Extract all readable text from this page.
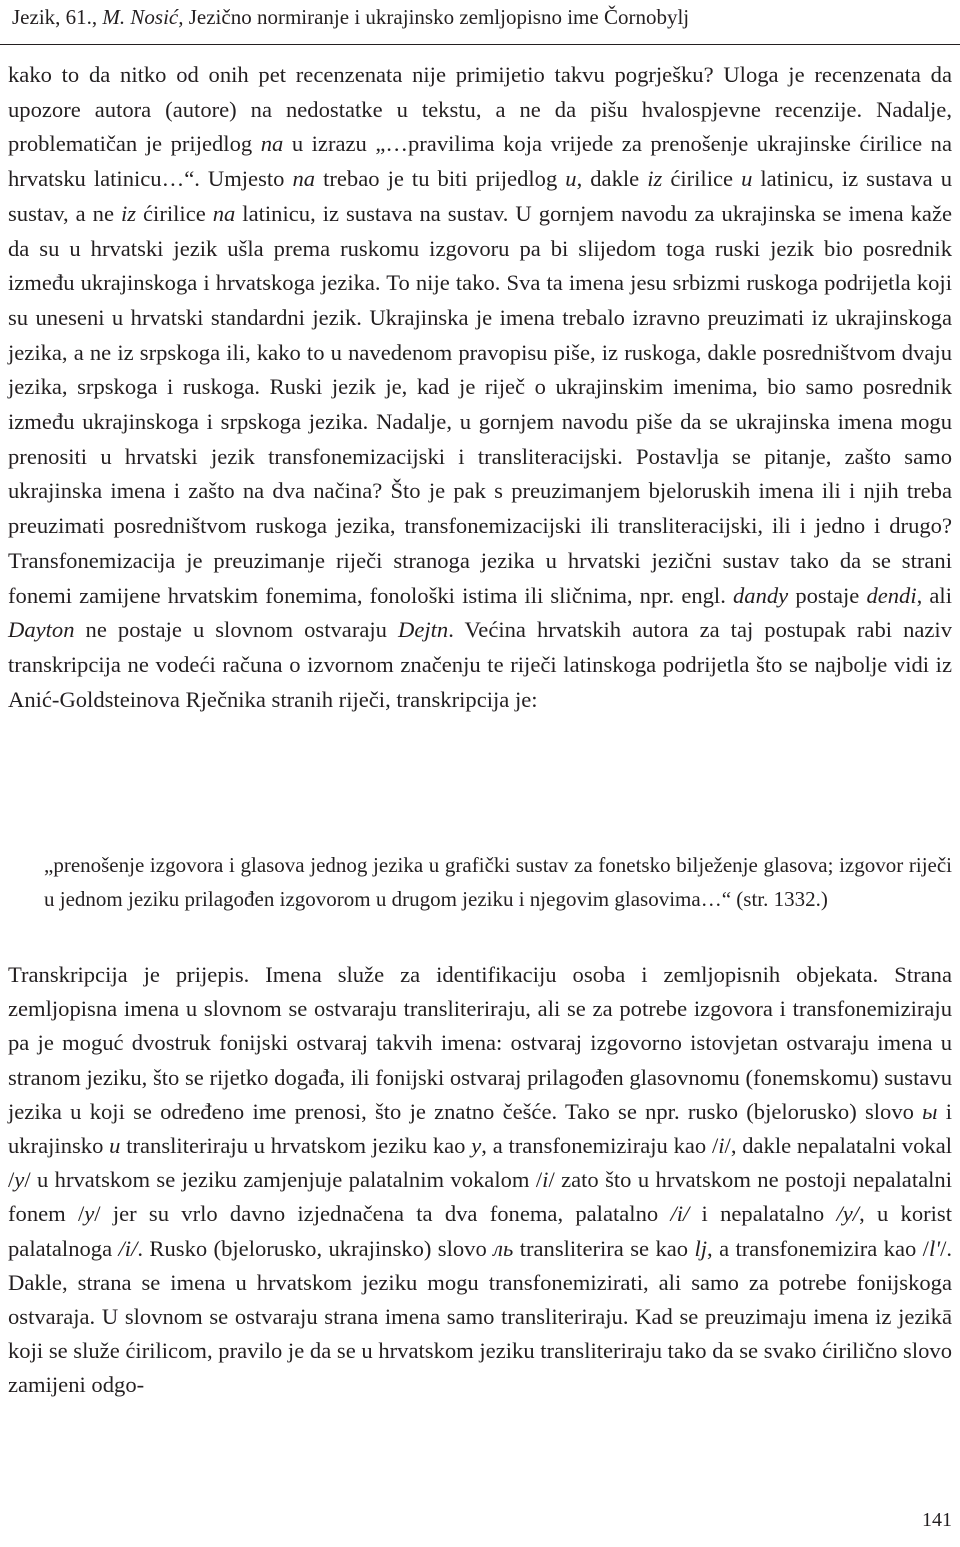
Jezik, 61., M. Nosić, Jezično normiranje i ukrajinsko zemljopisno ime Čornobylj

kako to da nitko od onih pet recenzenata nije primijetio takvu pogrješku? Uloga je recenzenata da upozore autora (autore) na nedostatke u tekstu, a ne da pišu hvalospjevne recenzije. Nadalje, problematičan je prijedlog na u izrazu „…pravilima koja vrijede za prenošenje ukrajinske ćirilice na hrvatsku latinicu…“. Umjesto na trebao je tu biti prijedlog u, dakle iz ćirilice u latinicu, iz sustava u sustav, a ne iz ćirilice na latinicu, iz sustava na sustav. U gornjem navodu za ukrajinska se imena kaže da su u hrvatski jezik ušla prema ruskomu izgovoru pa bi slijedom toga ruski jezik bio posrednik između ukrajinskoga i hrvatskoga jezika. To nije tako. Sva ta imena jesu srbizmi ruskoga podrijetla koji su uneseni u hrvatski standardni jezik. Ukrajinska je imena trebalo izravno preuzimati iz ukrajinskoga jezika, a ne iz srpskoga ili, kako to u navedenom pravopisu piše, iz ruskoga, dakle posredništvom dvaju jezika, srpskoga i ruskoga. Ruski jezik je, kad je riječ o ukrajinskim imenima, bio samo posrednik između ukrajinskoga i srpskoga jezika. Nadalje, u gornjem navodu piše da se ukrajinska imena mogu prenositi u hrvatski jezik transfonemizacijski i transliteracijski. Postavlja se pitanje, zašto samo ukrajinska imena i zašto na dva načina? Što je pak s preuzimanjem bjeloruskih imena ili i njih treba preuzimati posredništvom ruskoga jezika, transfonemizacijski ili transliteracijski, ili i jedno i drugo? Transfonemizacija je preuzimanje riječi stranoga jezika u hrvatski jezični sustav tako da se strani fonemi zamijene hrvatskim fonemima, fonološki istima ili sličnima, npr. engl. dandy postaje dendi, ali Dayton ne postaje u slovnom ostvaraju Dejtn. Većina hrvatskih autora za taj postupak rabi naziv transkripcija ne vodeći računa o izvornom značenju te riječi latinskoga podrijetla što se najbolje vidi iz Anić-Goldsteinova Rječnika stranih riječi, transkripcija je:

„prenošenje izgovora i glasova jednog jezika u grafički sustav za fonetsko bilježenje glasova; izgovor riječi u jednom jeziku prilagođen izgovorom u drugom jeziku i njegovim glasovima…“ (str. 1332.)

Transkripcija je prijepis. Imena služe za identifikaciju osoba i zemljopisnih objekata. Strana zemljopisna imena u slovnom se ostvaraju transliteriraju, ali se za potrebe izgovora i transfonemiziraju pa je moguć dvostruk fonijski ostvaraj takvih imena: ostvaraj izgovorno istovjetan ostvaraju imena u stranom jeziku, što se rijetko događa, ili fonijski ostvaraj prilagođen glasovnomu (fonemskomu) sustavu jezika u koji se određeno ime prenosi, što je znatno češće. Tako se npr. rusko (bjelorusko) slovo ы i ukrajinsko и transliteriraju u hrvatskom jeziku kao y, a transfonemiziraju kao /i/, dakle nepalatalni vokal /y/ u hrvatskom se jeziku zamjenjuje palatalnim vokalom /i/ zato što u hrvatskom ne postoji nepalatalni fonem /y/ jer su vrlo davno izjednačena ta dva fonema, palatalno /i/ i nepalatalno /y/, u korist palatalnoga /i/. Rusko (bjelorusko, ukrajinsko) slovo ль transliterira se kao lj, a transfonemizira kao /l'/. Dakle, strana se imena u hrvatskom jeziku mogu transfonemizirati, ali samo za potrebe fonijskoga ostvaraja. U slovnom se ostvaraju strana imena samo transliteriraju. Kad se preuzimaju imena iz jezikā koji se služe ćirilicom, pravilo je da se u hrvatskom jeziku transliteriraju tako da se svako ćirilično slovo zamijeni odgo-

141
